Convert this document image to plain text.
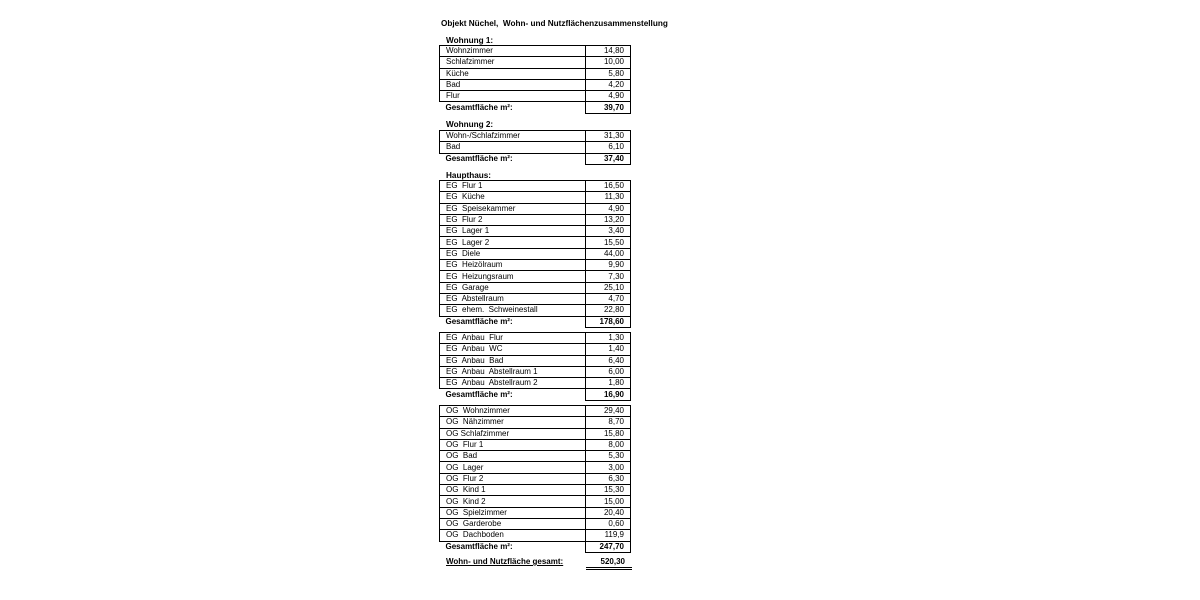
Objekt Nüchel,  Wohn- und Nutzflächenzusammenstellung
Wohnung 1:
Wohnzimmer	14,80
Schlafzimmer	10,00
Küche	5,80
Bad	4,20
Flur	4,90
Gesamtfläche m²:	39,70
Wohnung 2:
Wohn-/Schlafzimmer	31,30
Bad	6,10
Gesamtfläche m²:	37,40
Haupthaus:
EG  Flur 1	16,50
EG  Küche	11,30
EG  Speisekammer	4,90
EG  Flur 2	13,20
EG  Lager 1	3,40
EG  Lager 2	15,50
EG  Diele	44,00
EG  Heizölraum	9,90
EG  Heizungsraum	7,30
EG  Garage	25,10
EG  Abstellraum	4,70
EG  ehem.  Schweinestall	22,80
Gesamtfläche m²:	178,60
EG  Anbau  Flur	1,30
EG  Anbau  WC	1,40
EG  Anbau  Bad	6,40
EG  Anbau  Abstellraum 1	6,00
EG  Anbau  Abstellraum 2	1,80
Gesamtfläche m²:	16,90
OG  Wohnzimmer	29,40
OG  Nähzimmer	8,70
OG Schlafzimmer	15,80
OG  Flur 1	8,00
OG  Bad	5,30
OG  Lager	3,00
OG  Flur 2	6,30
OG  Kind 1	15,30
OG  Kind 2	15,00
OG  Spielzimmer	20,40
OG  Garderobe	0,60
OG  Dachboden	119,9
Gesamtfläche m²:	247,70
Wohn- und Nutzfläche gesamt:	520,30
